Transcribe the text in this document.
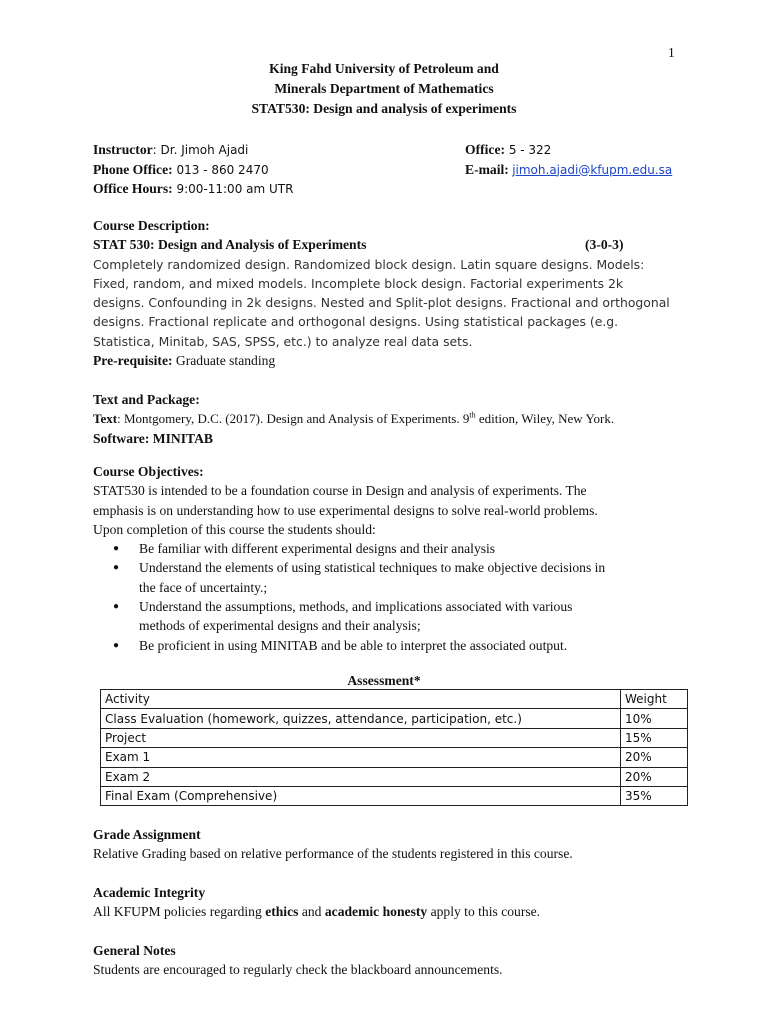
1
King Fahd University of Petroleum and
Minerals Department of Mathematics
STAT530: Design and analysis of experiments
Instructor: Dr. Jimoh Ajadi	Office: 5 - 322
Phone Office: 013 - 860 2470	E-mail: jimoh.ajadi@kfupm.edu.sa
Office Hours: 9:00-11:00 am UTR
Course Description:
STAT 530: Design and Analysis of Experiments	(3-0-3)
Completely randomized design. Randomized block design. Latin square designs. Models:
Fixed, random, and mixed models. Incomplete block design. Factorial experiments 2k
designs. Confounding in 2k designs. Nested and Split-plot designs. Fractional and orthogonal
designs. Fractional replicate and orthogonal designs. Using statistical packages (e.g.
Statistica, Minitab, SAS, SPSS, etc.) to analyze real data sets.
Pre-requisite: Graduate standing
Text and Package:
Text: Montgomery, D.C. (2017). Design and Analysis of Experiments. 9th edition, Wiley, New York.
Software: MINITAB
Course Objectives:
STAT530 is intended to be a foundation course in Design and analysis of experiments. The
emphasis is on understanding how to use experimental designs to solve real-world problems.
Upon completion of this course the students should:
● Be familiar with different experimental designs and their analysis
● Understand the elements of using statistical techniques to make objective decisions in
the face of uncertainty.;
● Understand the assumptions, methods, and implications associated with various
methods of experimental designs and their analysis;
● Be proficient in using MINITAB and be able to interpret the associated output.
Assessment*
Activity	Weight
Class Evaluation (homework, quizzes, attendance, participation, etc.)	10%
Project	15%
Exam 1	20%
Exam 2	20%
Final Exam (Comprehensive)	35%
Grade Assignment
Relative Grading based on relative performance of the students registered in this course.
Academic Integrity
All KFUPM policies regarding ethics and academic honesty apply to this course.
General Notes
Students are encouraged to regularly check the blackboard announcements.
